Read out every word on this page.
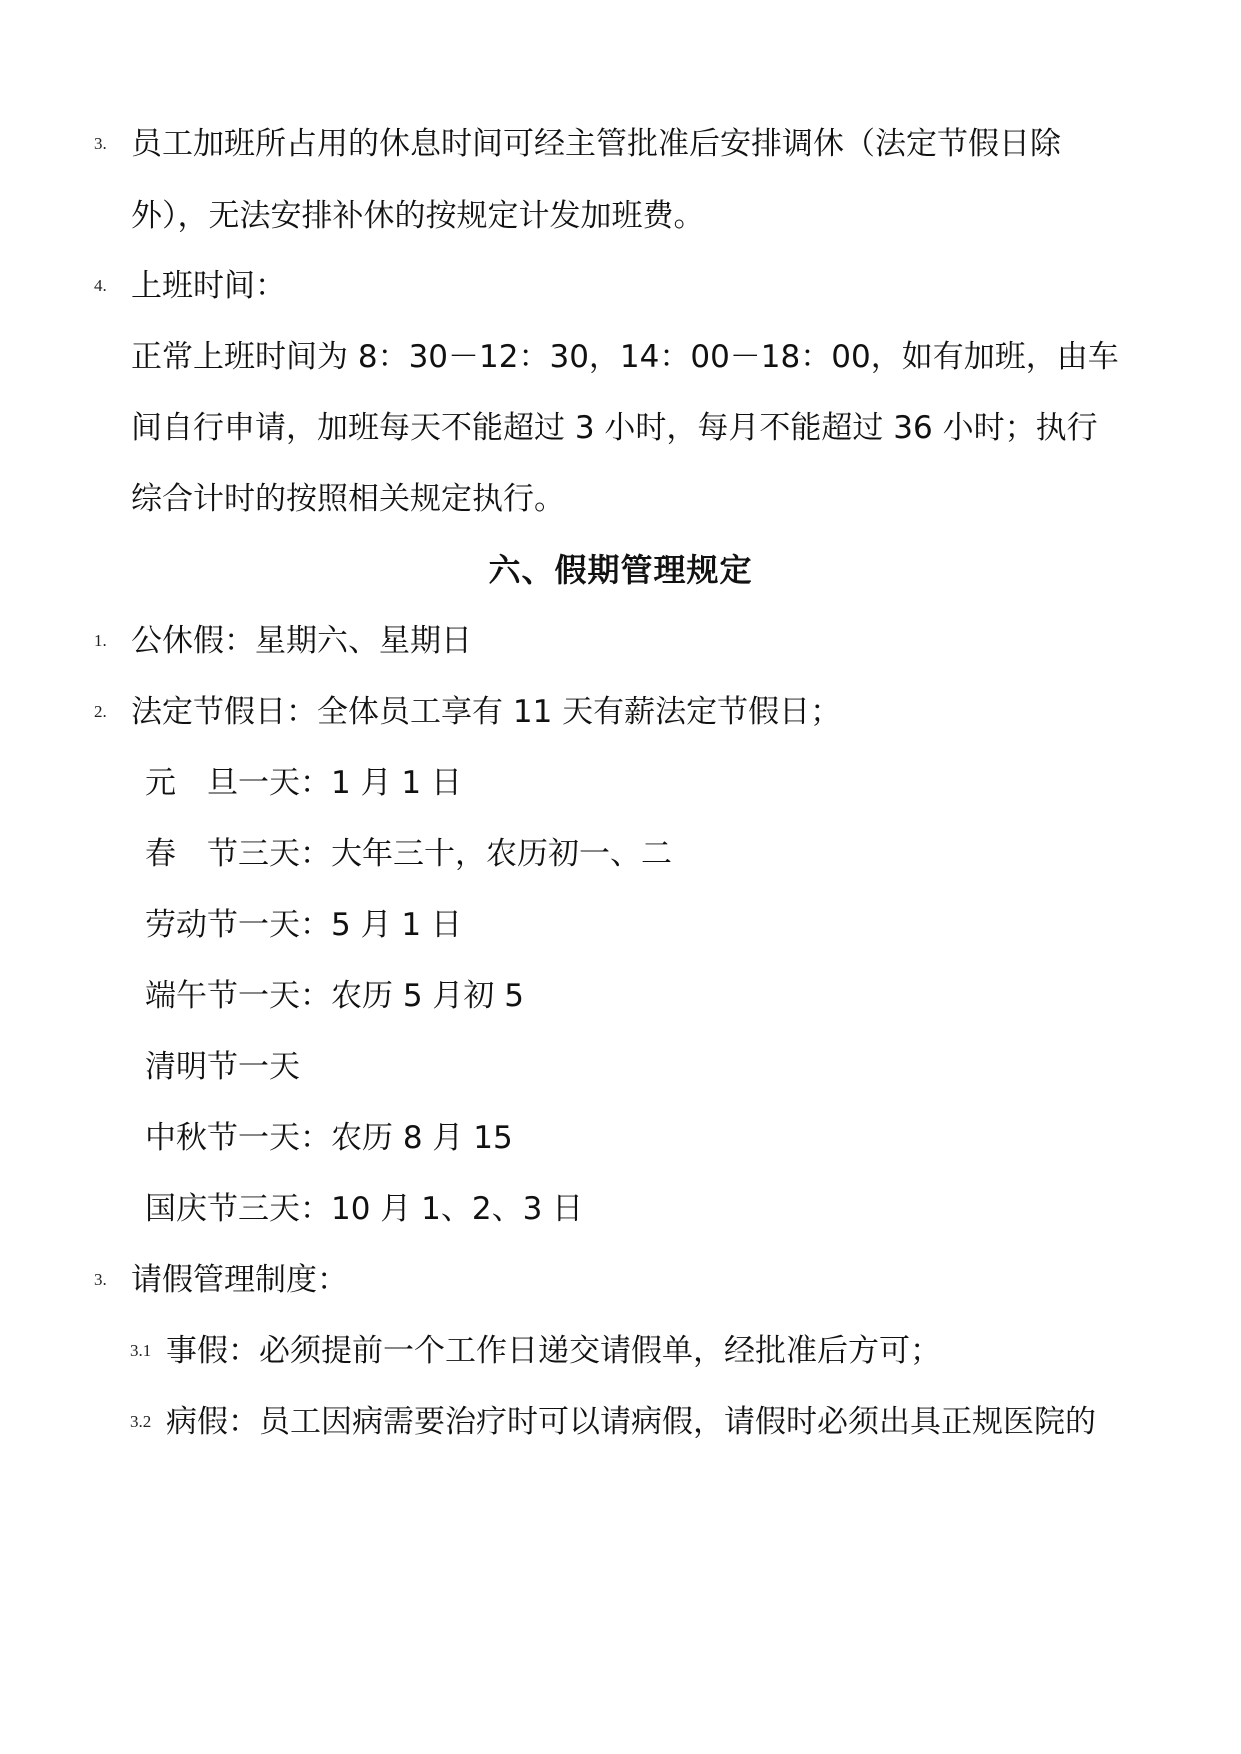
3. 员工加班所占用的休息时间可经主管批准后安排调休（法定节假日除
外），无法安排补休的按规定计发加班费。
4. 上班时间：
正常上班时间为 8：30－12：30，14：00－18：00，如有加班，由车
间自行申请，加班每天不能超过 3 小时，每月不能超过 36 小时；执行
综合计时的按照相关规定执行。
六、假期管理规定
1. 公休假：星期六、星期日
2. 法定节假日：全体员工享有 11 天有薪法定节假日；
元　旦一天：1 月 1 日
春　节三天：大年三十，农历初一、二
劳动节一天：5 月 1 日
端午节一天：农历 5 月初 5
清明节一天
中秋节一天：农历 8 月 15
国庆节三天：10 月 1、2、3 日
3. 请假管理制度：
3.1 事假：必须提前一个工作日递交请假单，经批准后方可；
3.2 病假：员工因病需要治疗时可以请病假，请假时必须出具正规医院的
